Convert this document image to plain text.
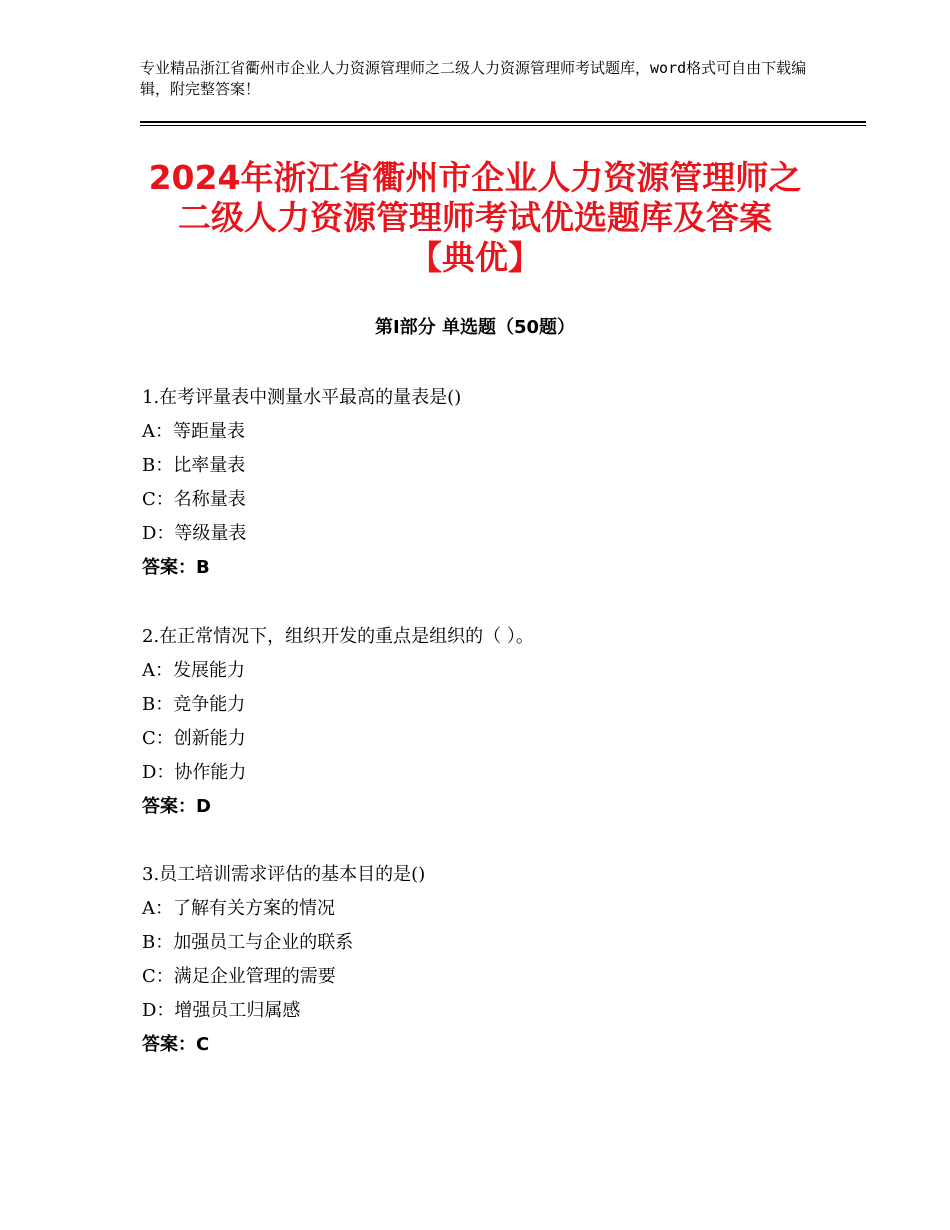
专业精品浙江省衢州市企业人力资源管理师之二级人力资源管理师考试题库，word格式可自由下载编辑，附完整答案！
2024年浙江省衢州市企业人力资源管理师之
二级人力资源管理师考试优选题库及答案
【典优】
第Ⅰ部分 单选题（50题）
1.在考评量表中测量水平最高的量表是()
A：等距量表
B：比率量表
C：名称量表
D：等级量表
答案：B
2.在正常情况下，组织开发的重点是组织的（ ）。
A：发展能力
B：竞争能力
C：创新能力
D：协作能力
答案：D
3.员工培训需求评估的基本目的是()
A：了解有关方案的情况
B：加强员工与企业的联系
C：满足企业管理的需要
D：增强员工归属感
答案：C
